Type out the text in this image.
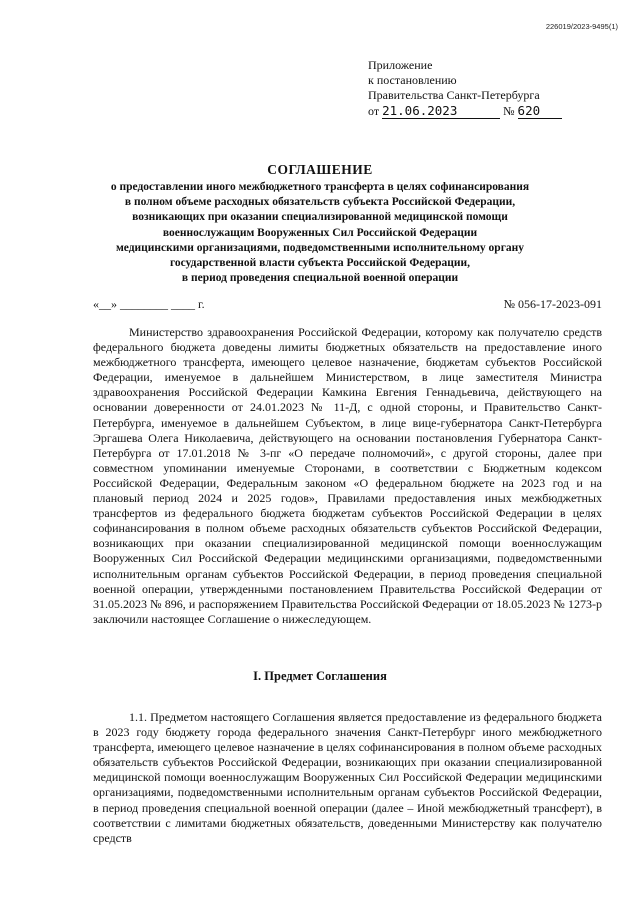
226019/2023-9495(1)
Приложение
к постановлению
Правительства Санкт-Петербурга
от 21.06.2023	№ 620
СОГЛАШЕНИЕ
о предоставлении иного межбюджетного трансферта в целях софинансирования
в полном объеме расходных обязательств субъекта Российской Федерации,
возникающих при оказании специализированной медицинской помощи
военнослужащим Вооруженных Сил Российской Федерации
медицинскими организациями, подведомственными исполнительному органу
государственной власти субъекта Российской Федерации,
в период проведения специальной военной операции
«__» ________ ____ г.	№ 056-17-2023-091

Министерство здравоохранения Российской Федерации, которому как получателю средств федерального бюджета доведены лимиты бюджетных обязательств на предоставление иного межбюджетного трансферта, имеющего целевое назначение, бюджетам субъектов Российской Федерации, именуемое в дальнейшем Министерством, в лице заместителя Министра здравоохранения Российской Федерации Камкина Евгения Геннадьевича, действующего на основании доверенности от 24.01.2023 № 11-Д, с одной стороны, и Правительство Санкт-Петербурга, именуемое в дальнейшем Субъектом, в лице вице-губернатора Санкт-Петербурга Эргашева Олега Николаевича, действующего на основании постановления Губернатора Санкт-Петербурга от 17.01.2018 № 3-пг «О передаче полномочий», с другой стороны, далее при совместном упоминании именуемые Сторонами, в соответствии с Бюджетным кодексом Российской Федерации, Федеральным законом «О федеральном бюджете на 2023 год и на плановый период 2024 и 2025 годов», Правилами предоставления иных межбюджетных трансфертов из федерального бюджета бюджетам субъектов Российской Федерации в целях софинансирования в полном объеме расходных обязательств субъектов Российской Федерации, возникающих при оказании специализированной медицинской помощи военнослужащим Вооруженных Сил Российской Федерации медицинскими организациями, подведомственными исполнительным органам субъектов Российской Федерации, в период проведения специальной военной операции, утвержденными постановлением Правительства Российской Федерации от 31.05.2023 № 896, и распоряжением Правительства Российской Федерации от 18.05.2023 № 1273-р заключили настоящее Соглашение о нижеследующем.

I. Предмет Соглашения

1.1. Предметом настоящего Соглашения является предоставление из федерального бюджета в 2023 году бюджету города федерального значения Санкт-Петербург иного межбюджетного трансферта, имеющего целевое назначение в целях софинансирования в полном объеме расходных обязательств субъектов Российской Федерации, возникающих при оказании специализированной медицинской помощи военнослужащим Вооруженных Сил Российской Федерации медицинскими организациями, подведомственными исполнительным органам субъектов Российской Федерации, в период проведения специальной военной операции (далее – Иной межбюджетный трансферт), в соответствии с лимитами бюджетных обязательств, доведенными Министерству как получателю средств
